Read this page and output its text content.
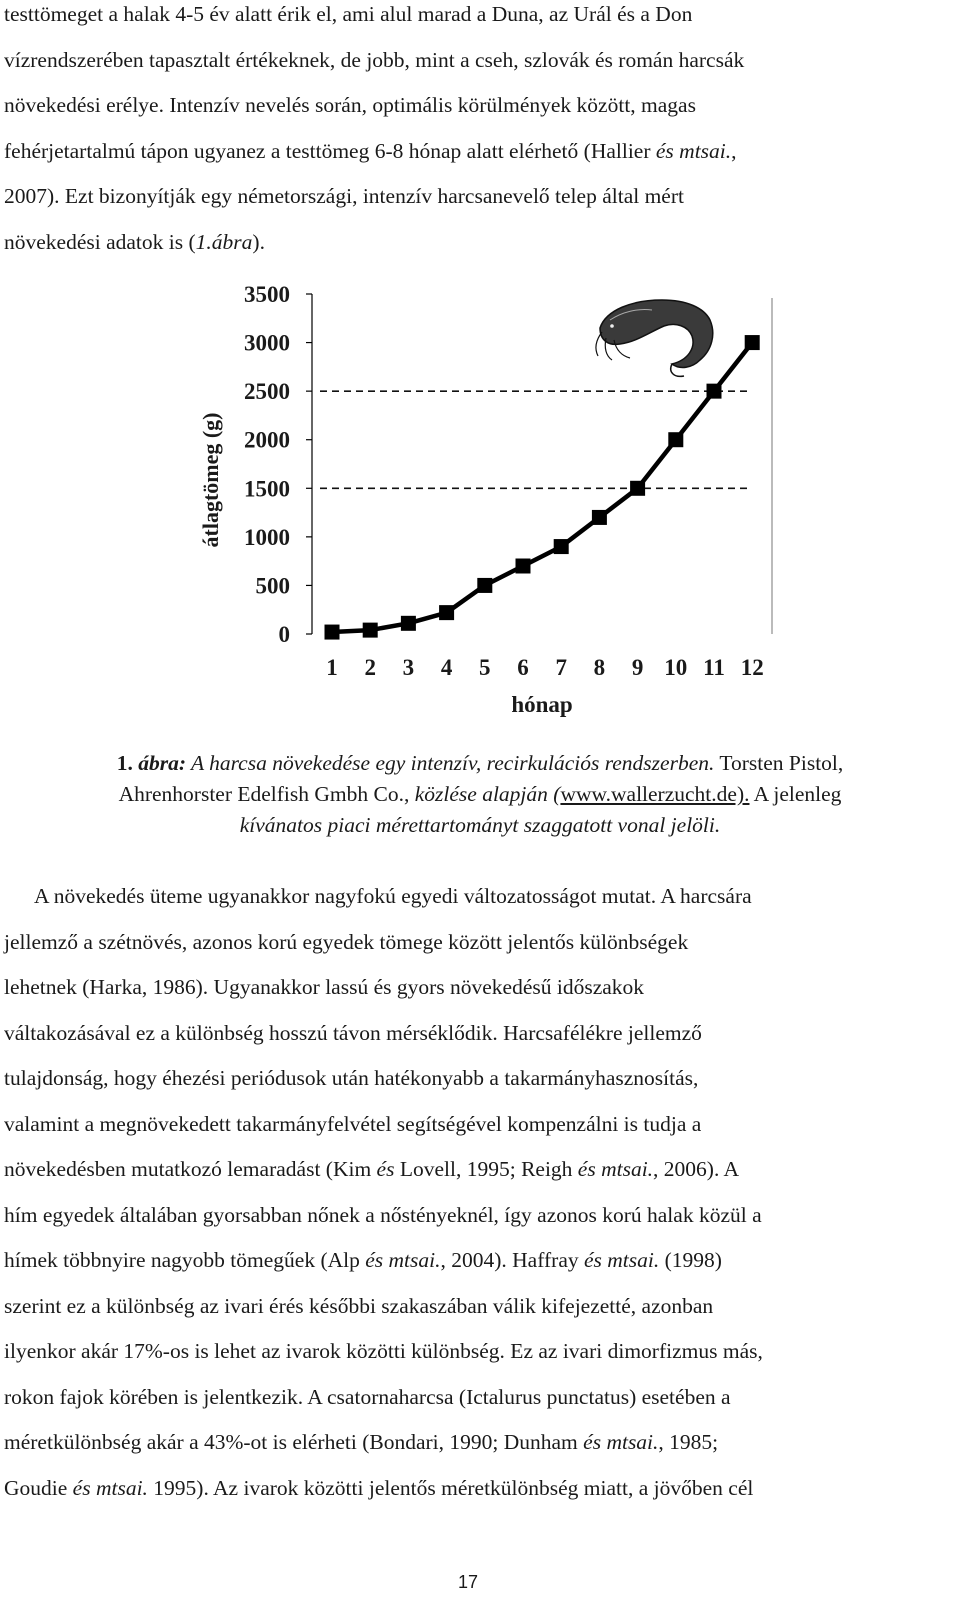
testtömeget a halak 4-5 év alatt érik el, ami alul marad a Duna, az Urál és a Don

vízrendszerében tapasztalt értékeknek, de jobb, mint a cseh, szlovák és román harcsák

növekedési erélye. Intenzív nevelés során, optimális körülmények között, magas

fehérjetartalmú tápon ugyanez a testtömeg 6-8 hónap alatt elérhető (Hallier és mtsai.,

2007). Ezt bizonyítják egy németországi, intenzív harcsanevelő telep által mért

növekedési adatok is (1.ábra).

0
500
1000
1500
2000
2500
3000
3500
1 2 3 4 5 6 7 8 9 10 11 12
átlagtömeg (g)
hónap
1. ábra: A harcsa növekedése egy intenzív, recirkulációs rendszerben. Torsten Pistol,
Ahrenhorster Edelfish Gmbh Co., közlése alapján (www.wallerzucht.de). A jelenleg
kívánatos piaci mérettartományt szaggatott vonal jelöli.

A növekedés üteme ugyanakkor nagyfokú egyedi változatosságot mutat. A harcsára

jellemző a szétnövés, azonos korú egyedek tömege között jelentős különbségek

lehetnek (Harka, 1986). Ugyanakkor lassú és gyors növekedésű időszakok

váltakozásával ez a különbség hosszú távon mérséklődik. Harcsafélékre jellemző

tulajdonság, hogy éhezési periódusok után hatékonyabb a takarmányhasznosítás,

valamint a megnövekedett takarmányfelvétel segítségével kompenzálni is tudja a

növekedésben mutatkozó lemaradást (Kim és Lovell, 1995; Reigh és mtsai., 2006). A

hím egyedek általában gyorsabban nőnek a nőstényeknél, így azonos korú halak közül a

hímek többnyire nagyobb tömegűek (Alp és mtsai., 2004). Haffray és mtsai. (1998)

szerint ez a különbség az ivari érés későbbi szakaszában válik kifejezetté, azonban

ilyenkor akár 17%-os is lehet az ivarok közötti különbség. Ez az ivari dimorfizmus más,

rokon fajok körében is jelentkezik. A csatornaharcsa (Ictalurus punctatus) esetében a

méretkülönbség akár a 43%-ot is elérheti (Bondari, 1990; Dunham és mtsai., 1985;

Goudie és mtsai. 1995). Az ivarok közötti jelentős méretkülönbség miatt, a jövőben cél

17
